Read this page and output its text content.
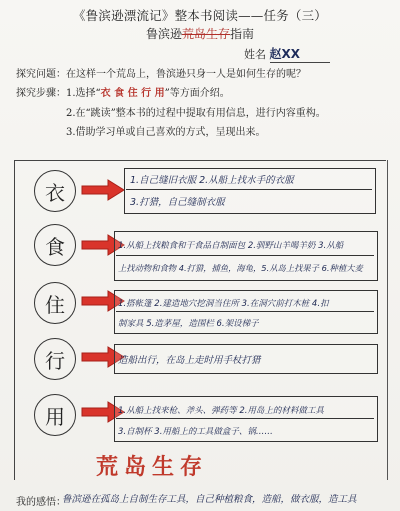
《鲁滨逊漂流记》整本书阅读——任务（三）
鲁滨逊荒岛生存指南
姓名 赵XX
探究问题：在这样一个荒岛上，鲁滨逊只身一人是如何生存的呢？
探究步骤： 1.选择“衣 食 住 行 用”等方面介绍。
2.在“跳读”整本书的过程中提取有用信息，进行内容重构。
3.借助学习单或自己喜欢的方式，呈现出来。
衣	1.自己缝旧衣服 2.从船上找水手的衣服
3.打猎，自己缝制衣服
食	1.从船上找粮食和干食品自制面包 2.驯野山羊喝羊奶 3.从船
上找动物和食物 4.打猎，捕鱼，海龟，5.从岛上找果子 6.种植大麦
住	1.搭帐篷 2.建造地穴挖洞当住所 3.在洞穴前打木桩 4.扣
制家具 5.造茅屋，造围栏 6.架设梯子
行	造船出行，在岛上走时用手杖打猎
用	1.从船上找来枪、斧头、弹药等 2.用岛上的材料做工具
3.自制杯 3.用船上的工具做盒子、锅……
荒岛生存
我的感悟：
鲁滨逊在孤岛上自制生存工具，自己种植粮食，造船，做衣服，造工具
